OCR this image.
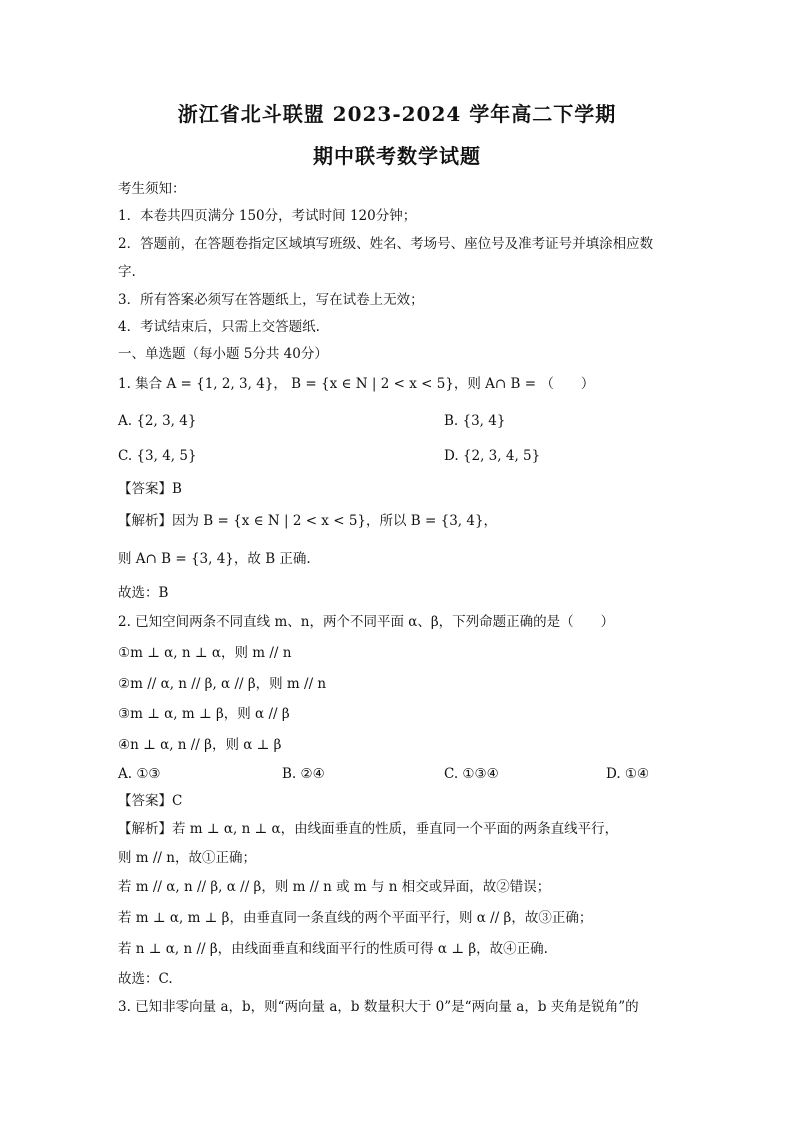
浙江省北斗联盟 2023-2024 学年高二下学期
期中联考数学试题
考生须知：
1．本卷共四页满分 150分，考试时间 120分钟；
2．答题前，在答题卷指定区域填写班级、姓名、考场号、座位号及准考证号并填涂相应数
字.
3．所有答案必须写在答题纸上，写在试卷上无效；
4．考试结束后，只需上交答题纸.
一、单选题（每小题 5分共 40分）
1. 集合 A = {1, 2, 3, 4}， B = {x ∈ N | 2 < x < 5}，则 A∩ B = （　　）
A. {2, 3, 4}	B. {3, 4}
C. {3, 4, 5}	D. {2, 3, 4, 5}
【答案】B
【解析】因为 B = {x ∈ N | 2 < x < 5}，所以 B = {3, 4}，
则 A∩ B = {3, 4}，故 B 正确.
故选：B
2. 已知空间两条不同直线 m、n，两个不同平面 α、β，下列命题正确的是（　　）
①m ⊥ α, n ⊥ α，则 m // n
②m // α, n // β, α // β，则 m // n
③m ⊥ α, m ⊥ β，则 α // β
④n ⊥ α, n // β，则 α ⊥ β
A. ①③	B. ②④	C. ①③④	D. ①④
【答案】C
【解析】若 m ⊥ α, n ⊥ α，由线面垂直的性质，垂直同一个平面的两条直线平行，
则 m // n，故①正确；
若 m // α, n // β, α // β，则 m // n 或 m 与 n 相交或异面，故②错误；
若 m ⊥ α, m ⊥ β，由垂直同一条直线的两个平面平行，则 α // β，故③正确；
若 n ⊥ α, n // β，由线面垂直和线面平行的性质可得 α ⊥ β，故④正确.
故选：C.
3. 已知非零向量 a，b，则“两向量 a，b 数量积大于 0”是“两向量 a，b 夹角是锐角”的
